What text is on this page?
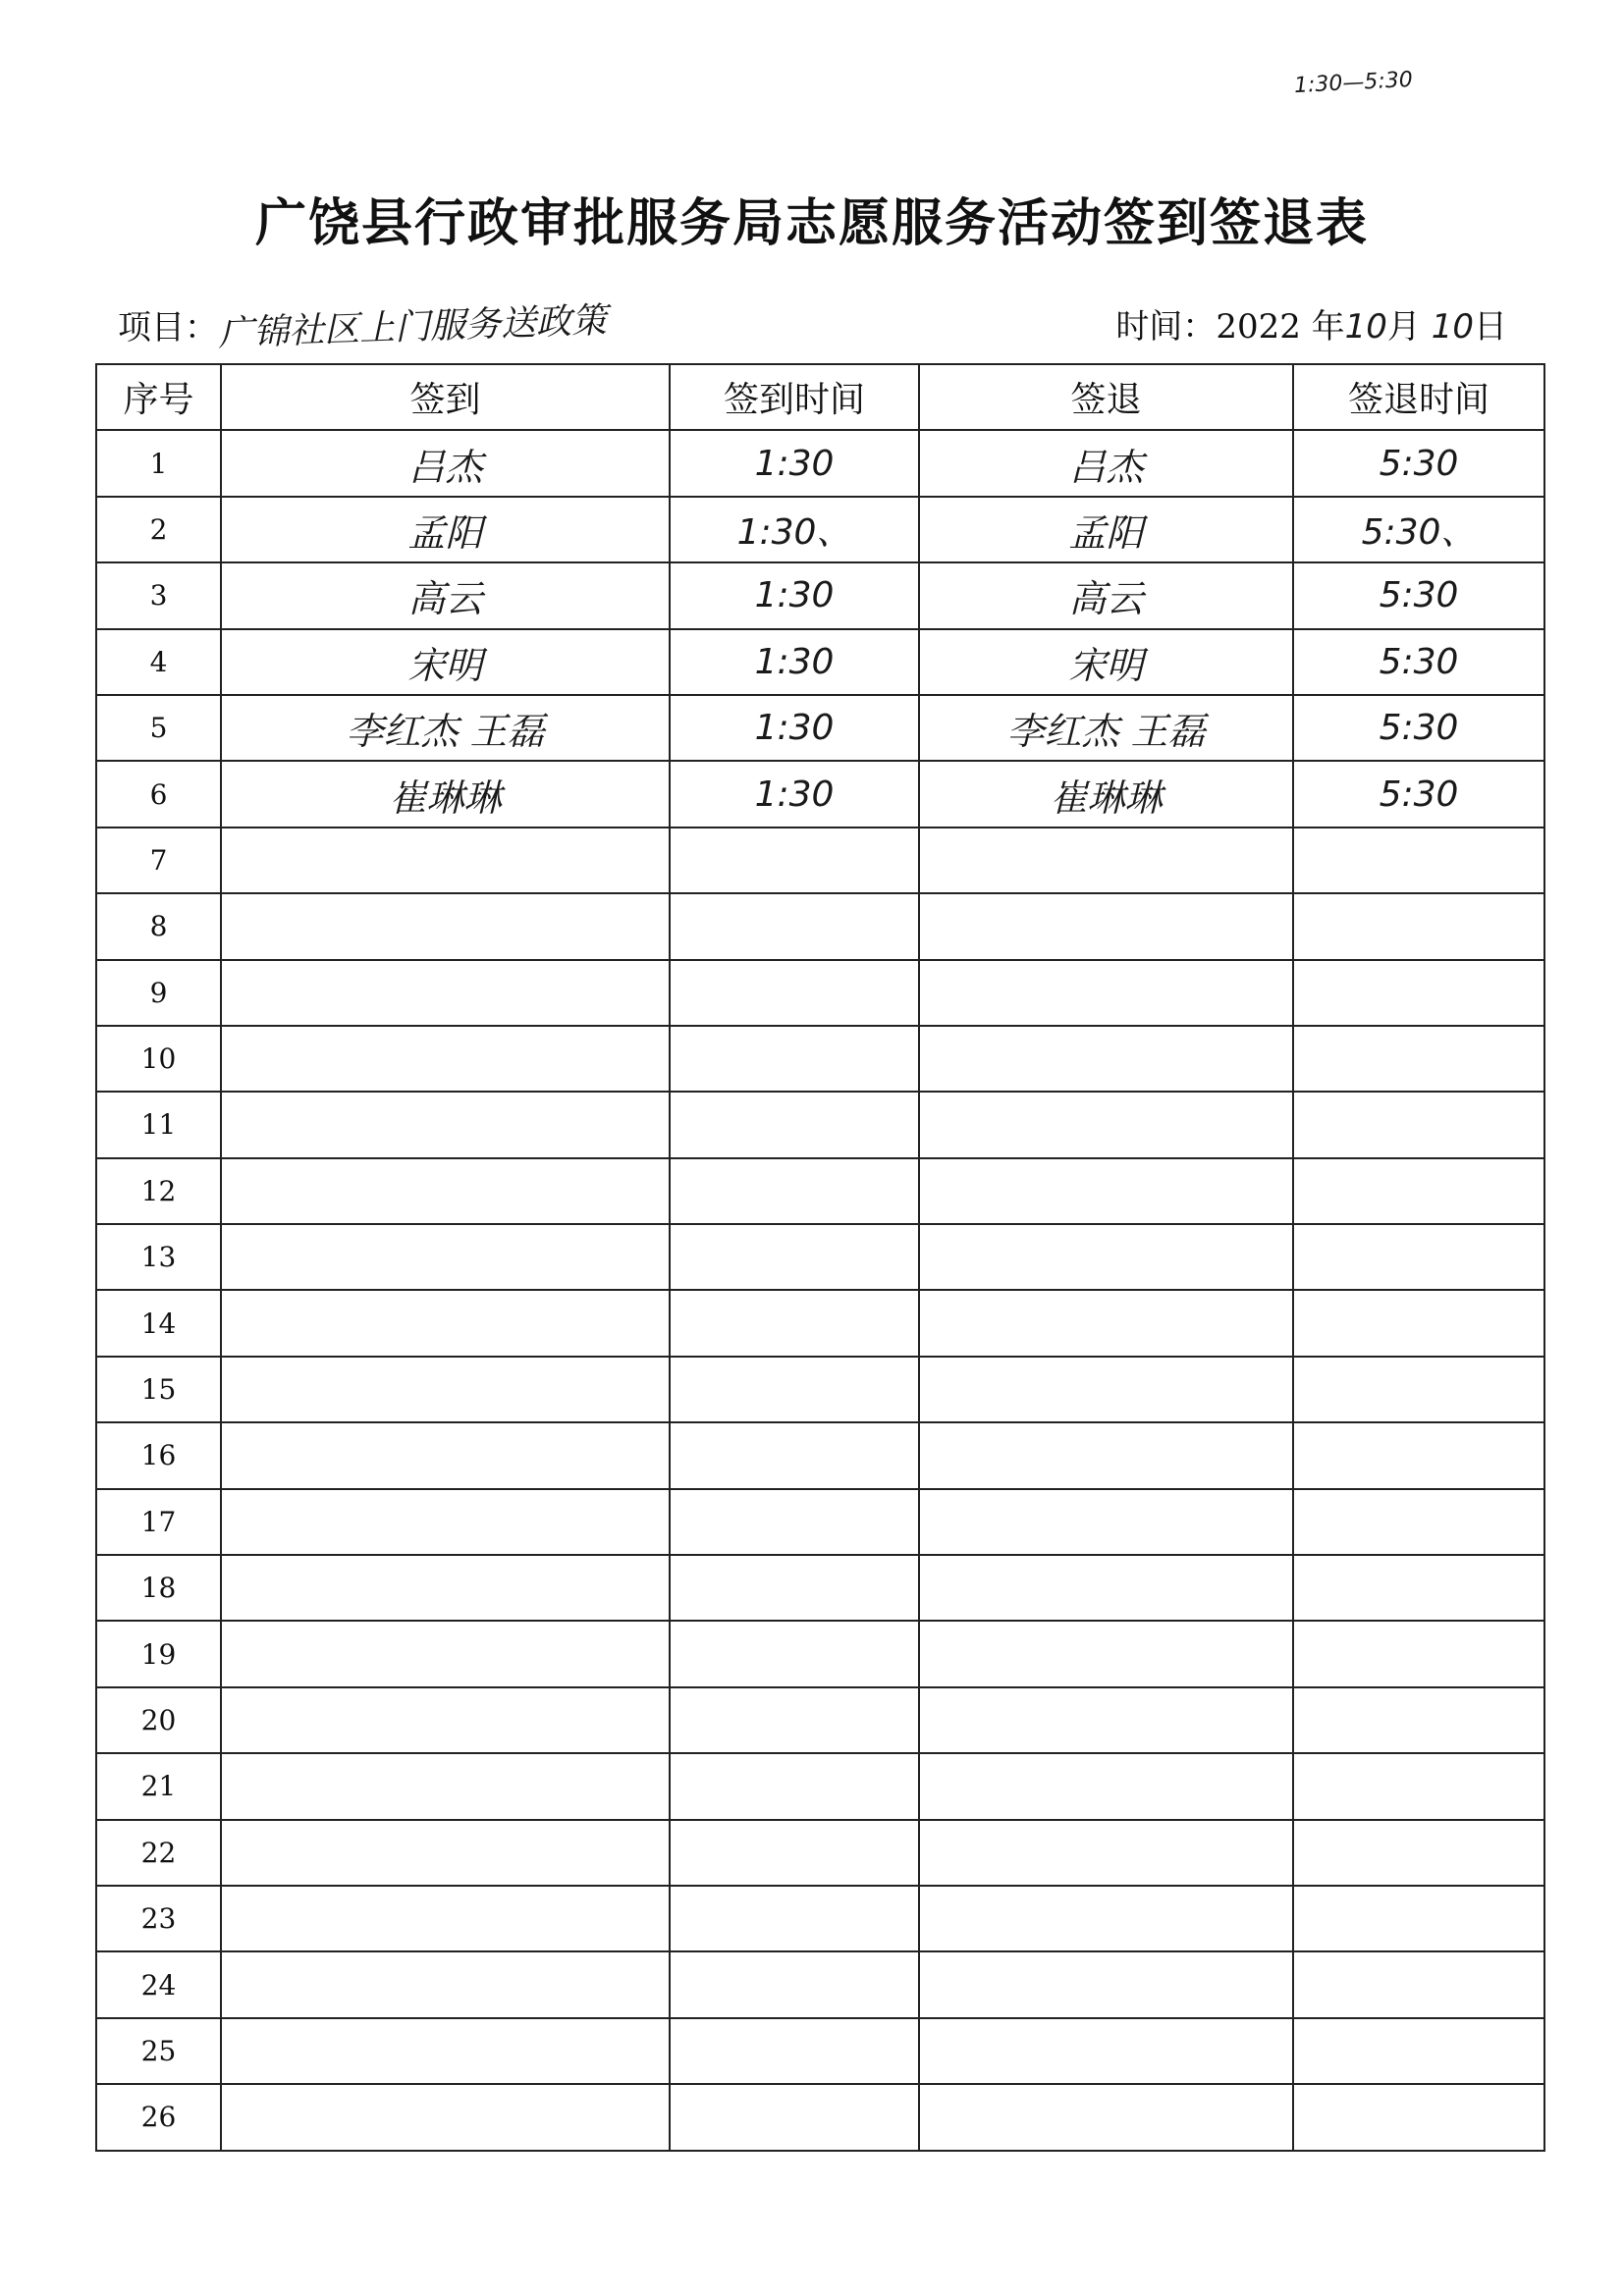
1:30—5:30
广饶县行政审批服务局志愿服务活动签到签退表
项目：广锦社区上门服务送政策	时间：2022 年10月 10日
序号	签到	签到时间	签退	签退时间
1	吕杰	1:30	吕杰	5:30
2	孟阳	1:30、	孟阳	5:30、
3	高云	1:30	高云	5:30
4	宋明	1:30	宋明	5:30
5	李红杰 王磊	1:30	李红杰 王磊	5:30
6	崔琳琳	1:30	崔琳琳	5:30
7				
8				
9				
10				
11				
12				
13				
14				
15				
16				
17				
18				
19				
20				
21				
22				
23				
24				
25				
26				
